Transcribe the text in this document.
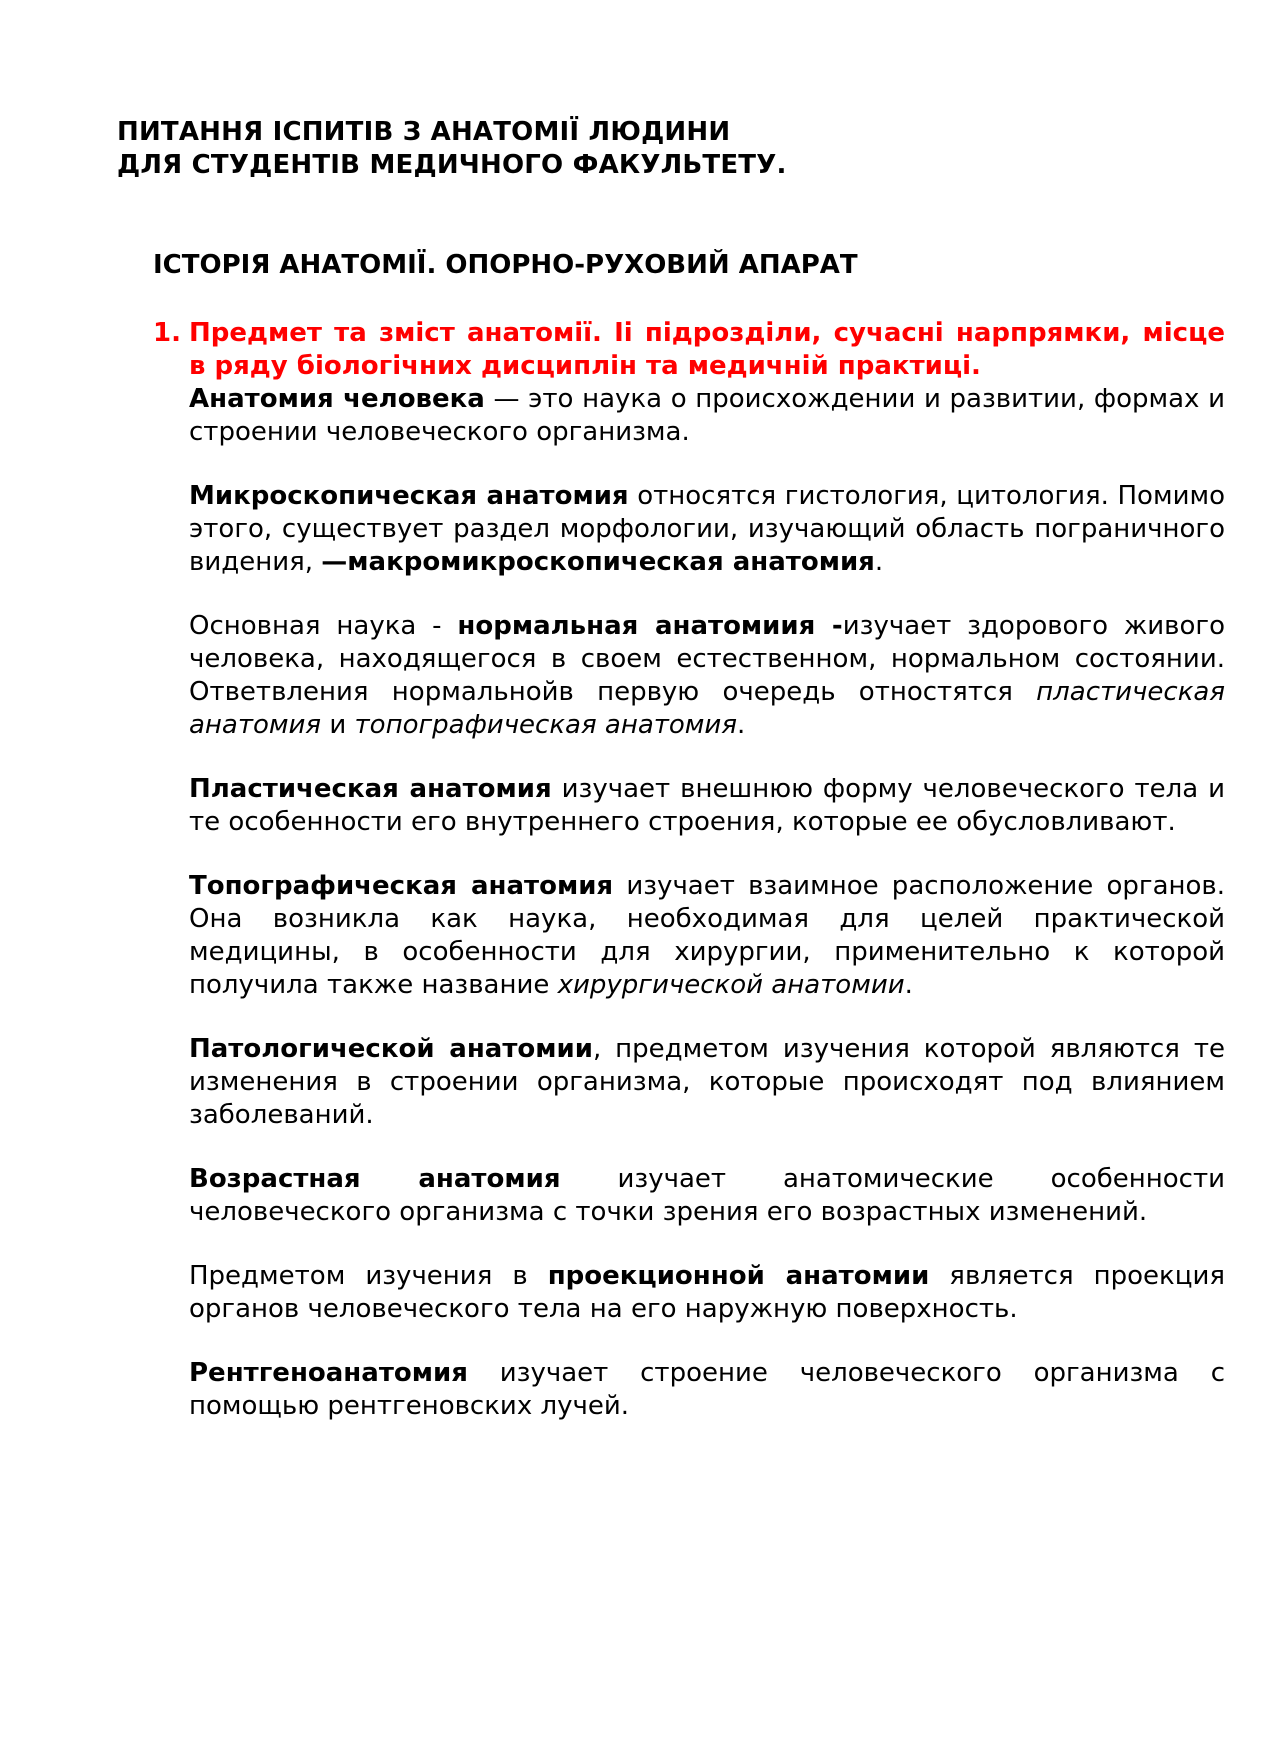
ПИТАННЯ ІСПИТІВ З АНАТОМІЇ ЛЮДИНИ
ДЛЯ СТУДЕНТІВ МЕДИЧНОГО ФАКУЛЬТЕТУ.
ІСТОРІЯ АНАТОМІЇ. ОПОРНО-РУХОВИЙ АПАРАТ
1. Предмет та зміст анатомії. Іі підрозділи, сучасні нарпрямки, місце в ряду біологічних дисциплін та медичній практиці.

Анатомия человека — это наука о происхождении и развитии, формах и строении человеческого организма.

Микроскопическая анатомия относятся гистология, цитология. Помимо этого, существует раздел морфологии, изучающий область пограничного видения, —макромикроскопическая анатомия.

Основная наука - нормальная анатомиия -изучает здорового живого человека, находящегося в своем естественном, нормальном состоянии. Ответвления нормальнойв первую очередь отностятся пластическая анатомия и топографическая анатомия.

Пластическая анатомия изучает внешнюю форму человеческого тела и те особенности его внутреннего строения, которые ее обусловливают.

Топографическая анатомия изучает взаимное расположение органов. Она возникла как наука, необходимая для целей практической медицины, в особенности для хирургии, применительно к которой получила также название хирургической анатомии.

Патологической анатомии, предметом изучения которой являются те изменения в строении организма, которые происходят под влиянием заболеваний.

Возрастная анатомия изучает анатомические особенности человеческого организма с точки зрения его возрастных изменений.

Предметом изучения в проекционной анатомии является проекция органов человеческого тела на его наружную поверхность.

Рентгеноанатомия изучает строение человеческого организма с помощью рентгеновских лучей.
